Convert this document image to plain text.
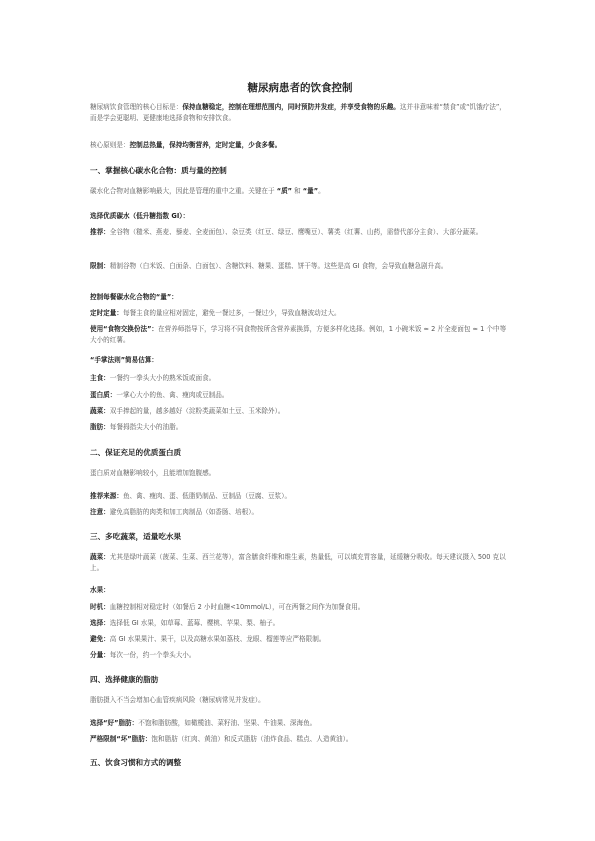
糖尿病患者的饮食控制
糖尿病饮食管理的核心目标是：保持血糖稳定，控制在理想范围内，同时预防并发症，并享受食物的乐趣。这并非意味着“禁食”或“饥饿疗法”，而是学会更聪明、更健康地选择食物和安排饮食。
核心原则是：控制总热量，保持均衡营养，定时定量，少食多餐。
一、掌握核心碳水化合物：质与量的控制
碳水化合物对血糖影响最大，因此是管理的重中之重。关键在于 “质” 和 “量”。
选择优质碳水（低升糖指数 GI）：
推荐：全谷物（糙米、燕麦、藜麦、全麦面包）、杂豆类（红豆、绿豆、鹰嘴豆）、薯类（红薯、山药，需替代部分主食）、大部分蔬菜。
限制：精制谷物（白米饭、白面条、白面包）、含糖饮料、糖果、蛋糕、饼干等。这些是高 GI 食物，会导致血糖急剧升高。
控制每餐碳水化合物的“量”：
定时定量：每餐主食的量应相对固定，避免一餐过多，一餐过少，导致血糖波动过大。
使用“食物交换份法”：在营养师指导下，学习将不同食物按所含营养素换算，方便多样化选择。例如，1 小碗米饭 ≈ 2 片全麦面包 ≈ 1 个中等大小的红薯。
“手掌法则”简易估算：
主食：一餐约一拳头大小的熟米饭或面食。
蛋白质：一掌心大小的鱼、禽、瘦肉或豆制品。
蔬菜：双手捧起的量，越多越好（淀粉类蔬菜如土豆、玉米除外）。
脂肪：每餐拇指尖大小的油脂。
二、保证充足的优质蛋白质
蛋白质对血糖影响较小，且能增加饱腹感。
推荐来源：鱼、禽、瘦肉、蛋、低脂奶制品、豆制品（豆腐、豆浆）。
注意：避免高脂肪的肉类和加工肉制品（如香肠、培根）。
三、多吃蔬菜，适量吃水果
蔬菜：尤其是绿叶蔬菜（菠菜、生菜、西兰花等），富含膳食纤维和维生素，热量低，可以填充胃容量，延缓糖分吸收。每天建议摄入 500 克以上。
水果：
时机：血糖控制相对稳定时（如餐后 2 小时血糖<10mmol/L），可在两餐之间作为加餐食用。
选择：选择低 GI 水果，如草莓、蓝莓、樱桃、苹果、梨、柚子。
避免：高 GI 水果果汁、果干，以及高糖水果如荔枝、龙眼、榴莲等应严格限制。
分量：每次一份，约一个拳头大小。
四、选择健康的脂肪
脂肪摄入不当会增加心血管疾病风险（糖尿病常见并发症）。
选择“好”脂肪：不饱和脂肪酸，如橄榄油、菜籽油、坚果、牛油果、深海鱼。
严格限制“坏”脂肪：饱和脂肪（红肉、黄油）和反式脂肪（油炸食品、糕点、人造黄油）。
五、饮食习惯和方式的调整
